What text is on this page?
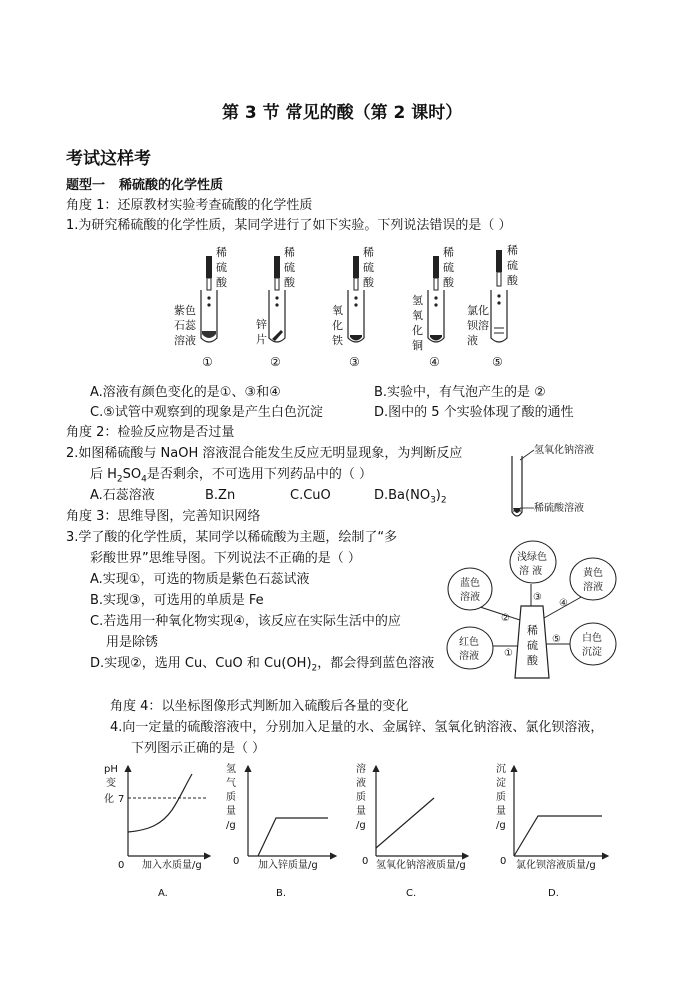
第 3 节 常见的酸（第 2 课时）
考试这样考
题型一 稀硫酸的化学性质
角度 1：还原教材实验考查硫酸的化学性质
1.为研究稀硫酸的化学性质，某同学进行了如下实验。下列说法错误的是（ ）
稀
硫
酸
紫色
石蕊
溶液
①
稀
硫
酸
锌
片
②
稀
硫
酸
氧
化
铁
③
稀
硫
酸
氢
氧
化
铜
④
稀
硫
酸
氯化
钡溶
液
⑤
A.溶液有颜色变化的是①、③和④	B.实验中，有气泡产生的是 ②
C.⑤试管中观察到的现象是产生白色沉淀	D.图中的 5 个实验体现了酸的通性
角度 2：检验反应物是否过量
2.如图稀硫酸与 NaOH 溶液混合能发生反应无明显现象，为判断反应
后 $H_2SO_4$是否剩余，不可选用下列药品中的（ ）
A.石蕊溶液	B.Zn	C.CuO	$D.Ba(NO_3)_2$
氢氧化钠溶液
稀硫酸溶液
角度 3：思维导图，完善知识网络
3.学了酸的化学性质，某同学以稀硫酸为主题，绘制了“多
彩酸世界”思维导图。下列说法不正确的是（ ）
A.实现①，可选的物质是紫色石蕊试液
B.实现③，可选用的单质是 Fe
C.若选用一种氧化物实现④，该反应在实际生活中的应
用是除锈
D.实现②，选用 Cu、CuO 和 $Cu(OH)_2$，都会得到蓝色溶液
稀
硫
酸
浅绿色
溶 液
蓝色
溶液
黄色
溶液
红色
溶液
白色
沉淀
③
②
④
①
⑤
角度 4：以坐标图像形式判断加入硫酸后各量的变化
4.向一定量的硫酸溶液中，分别加入足量的水、金属锌、氢氧化钠溶液、氯化钡溶液，
下列图示正确的是（ ）
pH
变
化 7
0 加入水质量/g
A.
氢
气
质
量
/g
0 加入锌质量/g
B.
溶
液
质
量
/g
0 氢氧化钠溶液质量/g
C.
沉
淀
质
量
/g
0 氯化钡溶液质量/g
D.
